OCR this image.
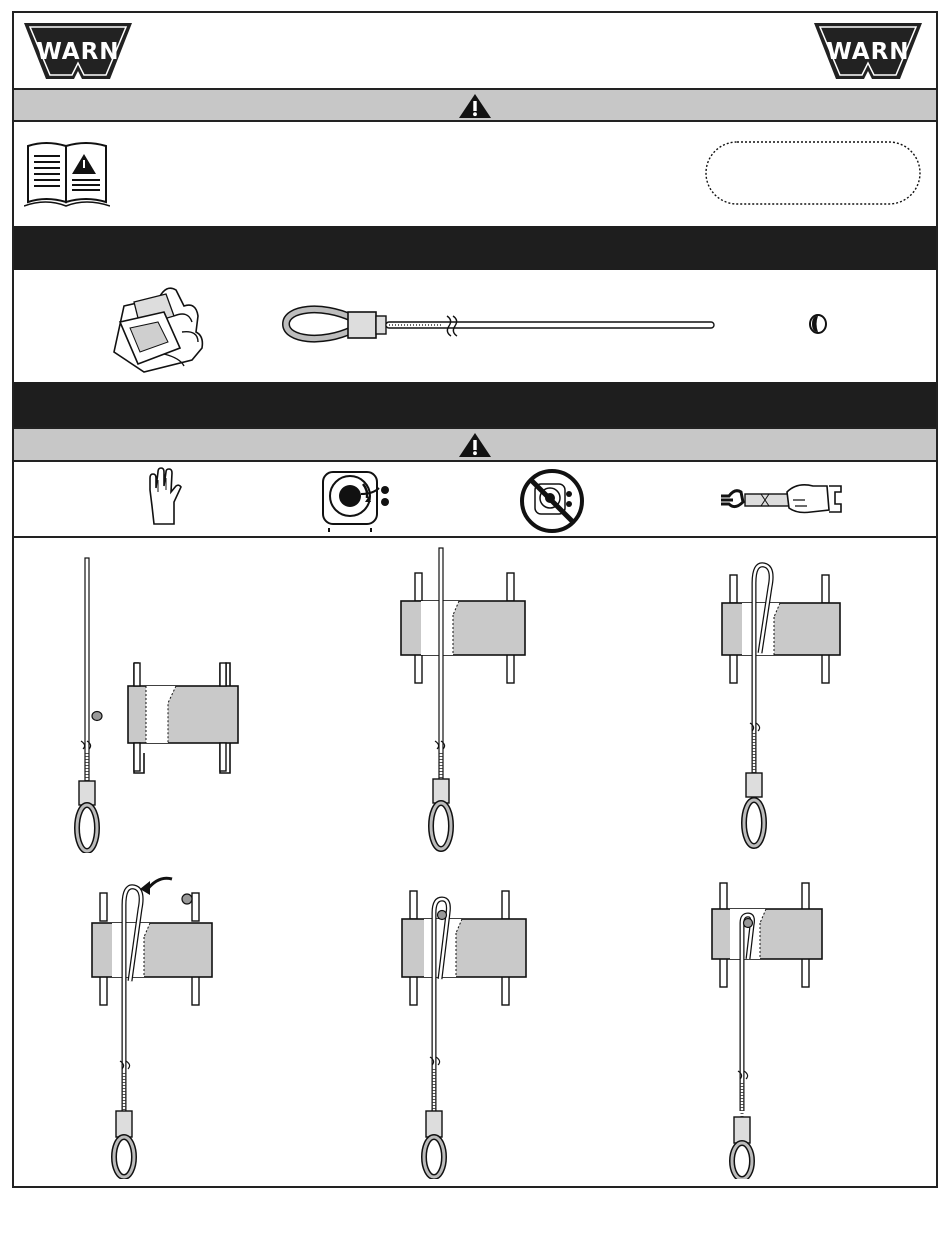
WARN	WARN
